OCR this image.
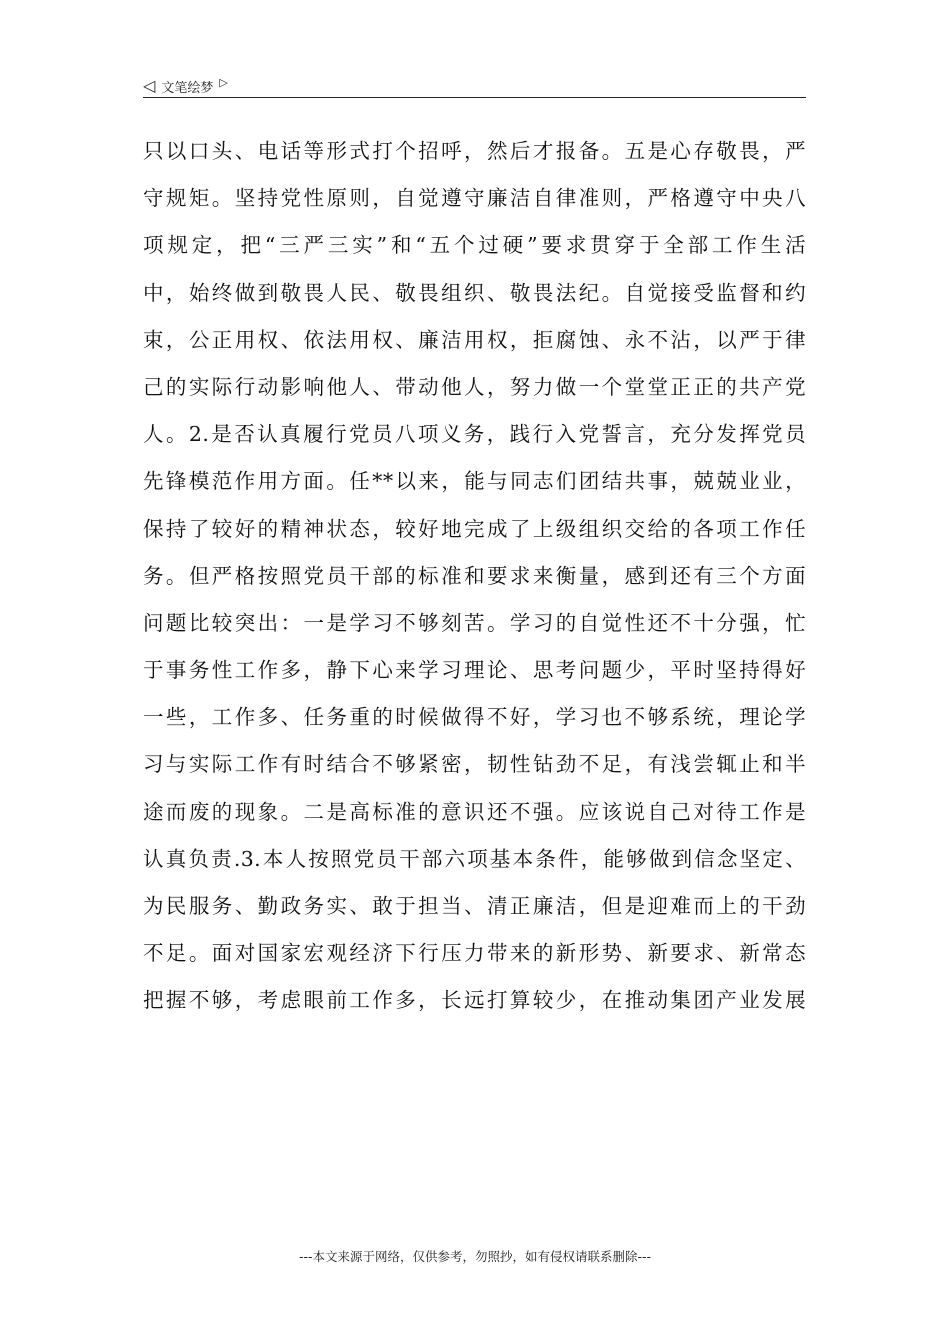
◁ 文笔绘梦 ▷
只以口头、电话等形式打个招呼，然后才报备。五是心存敬畏，严
守规矩。坚持党性原则，自觉遵守廉洁自律准则，严格遵守中央八
项规定，把“三严三实”和“五个过硬”要求贯穿于全部工作生活
中，始终做到敬畏人民、敬畏组织、敬畏法纪。自觉接受监督和约
束，公正用权、依法用权、廉洁用权，拒腐蚀、永不沾，以严于律
己的实际行动影响他人、带动他人，努力做一个堂堂正正的共产党
人。2.是否认真履行党员八项义务，践行入党誓言，充分发挥党员
先锋模范作用方面。任**以来，能与同志们团结共事，兢兢业业，
保持了较好的精神状态，较好地完成了上级组织交给的各项工作任
务。但严格按照党员干部的标准和要求来衡量，感到还有三个方面
问题比较突出：一是学习不够刻苦。学习的自觉性还不十分强，忙
于事务性工作多，静下心来学习理论、思考问题少，平时坚持得好
一些，工作多、任务重的时候做得不好，学习也不够系统，理论学
习与实际工作有时结合不够紧密，韧性钻劲不足，有浅尝辄止和半
途而废的现象。二是高标准的意识还不强。应该说自己对待工作是
认真负责.3.本人按照党员干部六项基本条件，能够做到信念坚定、
为民服务、勤政务实、敢于担当、清正廉洁，但是迎难而上的干劲
不足。面对国家宏观经济下行压力带来的新形势、新要求、新常态
把握不够，考虑眼前工作多，长远打算较少，在推动集团产业发展
---本文来源于网络，仅供参考，勿照抄，如有侵权请联系删除---
